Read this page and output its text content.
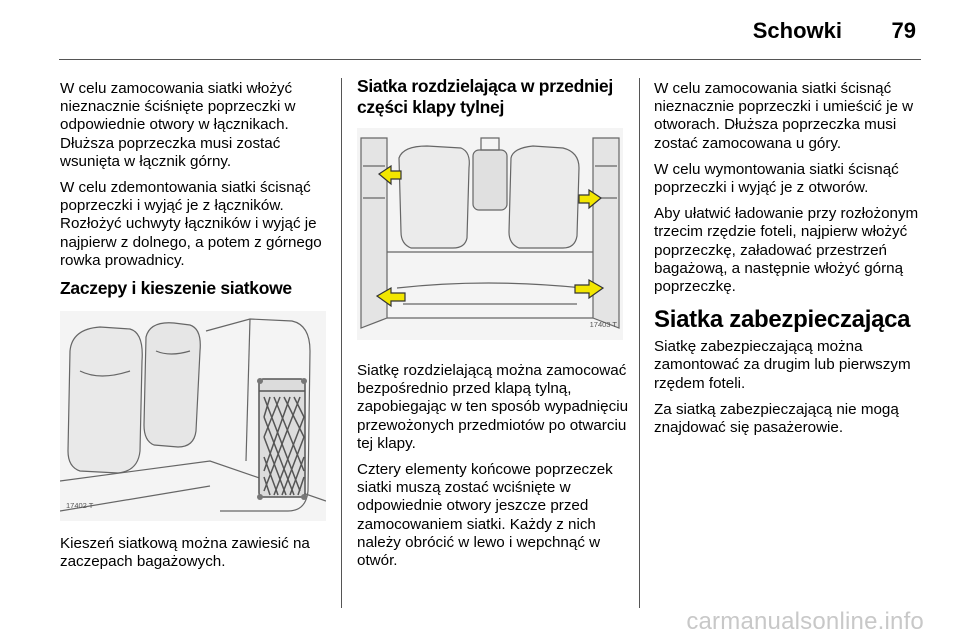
Schowki 79

W celu zamocowania siatki włożyć nieznacznie ściśnięte poprzeczki w odpowiednie otwory w łącznikach. Dłuższa poprzeczka musi zostać wsunięta w łącznik górny.

W celu zdemontowania siatki ścisnąć poprzeczki i wyjąć je z łączników. Rozłożyć uchwyty łączników i wyjąć je najpierw z dolnego, a potem z górnego rowka prowadnicy.

Zaczepy i kieszenie siatkowe
17402 T

Kieszeń siatkową można zawiesić na zaczepach bagażowych.

Siatka rozdzielająca w przedniej części klapy tylnej
17403 T

Siatkę rozdzielającą można zamocować bezpośrednio przed klapą tylną, zapobiegając w ten sposób wypadnięciu przewożonych przedmiotów po otwarciu tej klapy.

Cztery elementy końcowe poprzeczek siatki muszą zostać wciśnięte w odpowiednie otwory jeszcze przed zamocowaniem siatki. Każdy z nich należy obrócić w lewo i wepchnąć w otwór.

W celu zamocowania siatki ścisnąć nieznacznie poprzeczki i umieścić je w otworach. Dłuższa poprzeczka musi zostać zamocowana u góry.

W celu wymontowania siatki ścisnąć poprzeczki i wyjąć je z otworów.

Aby ułatwić ładowanie przy rozłożonym trzecim rzędzie foteli, najpierw włożyć poprzeczkę, załadować przestrzeń bagażową, a następnie włożyć górną poprzeczkę.

Siatka zabezpieczająca

Siatkę zabezpieczającą można zamontować za drugim lub pierwszym rzędem foteli.

Za siatką zabezpieczającą nie mogą znajdować się pasażerowie.

carmanualsonline.info
